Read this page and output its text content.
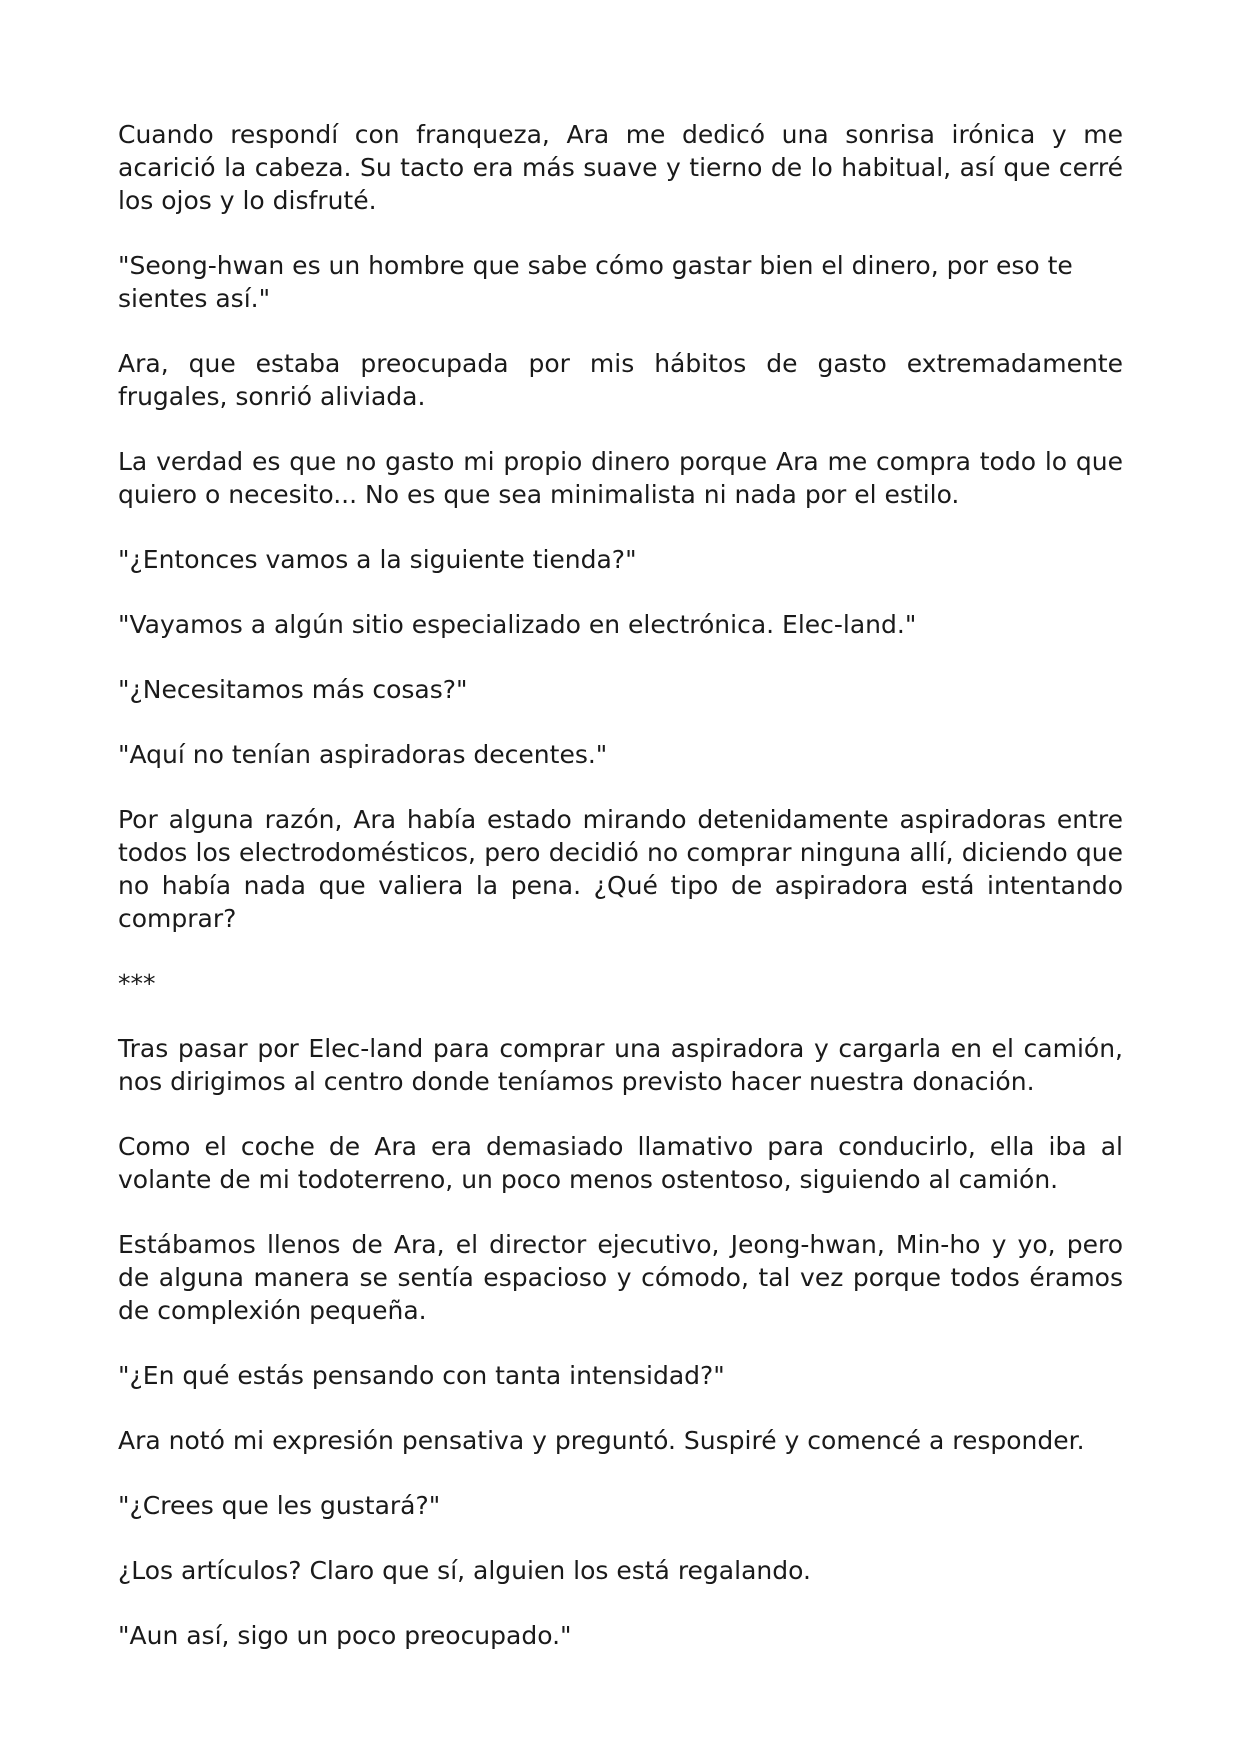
Cuando respondí con franqueza, Ara me dedicó una sonrisa irónica y me acarició la cabeza. Su tacto era más suave y tierno de lo habitual, así que cerré los ojos y lo disfruté.

"Seong-hwan es un hombre que sabe cómo gastar bien el dinero, por eso te sientes así."

Ara, que estaba preocupada por mis hábitos de gasto extremadamente frugales, sonrió aliviada.

La verdad es que no gasto mi propio dinero porque Ara me compra todo lo que quiero o necesito... No es que sea minimalista ni nada por el estilo.

"¿Entonces vamos a la siguiente tienda?"

"Vayamos a algún sitio especializado en electrónica. Elec-land."

"¿Necesitamos más cosas?"

"Aquí no tenían aspiradoras decentes."

Por alguna razón, Ara había estado mirando detenidamente aspiradoras entre todos los electrodomésticos, pero decidió no comprar ninguna allí, diciendo que no había nada que valiera la pena. ¿Qué tipo de aspiradora está intentando comprar?

***

Tras pasar por Elec-land para comprar una aspiradora y cargarla en el camión, nos dirigimos al centro donde teníamos previsto hacer nuestra donación.

Como el coche de Ara era demasiado llamativo para conducirlo, ella iba al volante de mi todoterreno, un poco menos ostentoso, siguiendo al camión.

Estábamos llenos de Ara, el director ejecutivo, Jeong-hwan, Min-ho y yo, pero de alguna manera se sentía espacioso y cómodo, tal vez porque todos éramos de complexión pequeña.

"¿En qué estás pensando con tanta intensidad?"

Ara notó mi expresión pensativa y preguntó. Suspiré y comencé a responder.

"¿Crees que les gustará?"

¿Los artículos? Claro que sí, alguien los está regalando.

"Aun así, sigo un poco preocupado."
